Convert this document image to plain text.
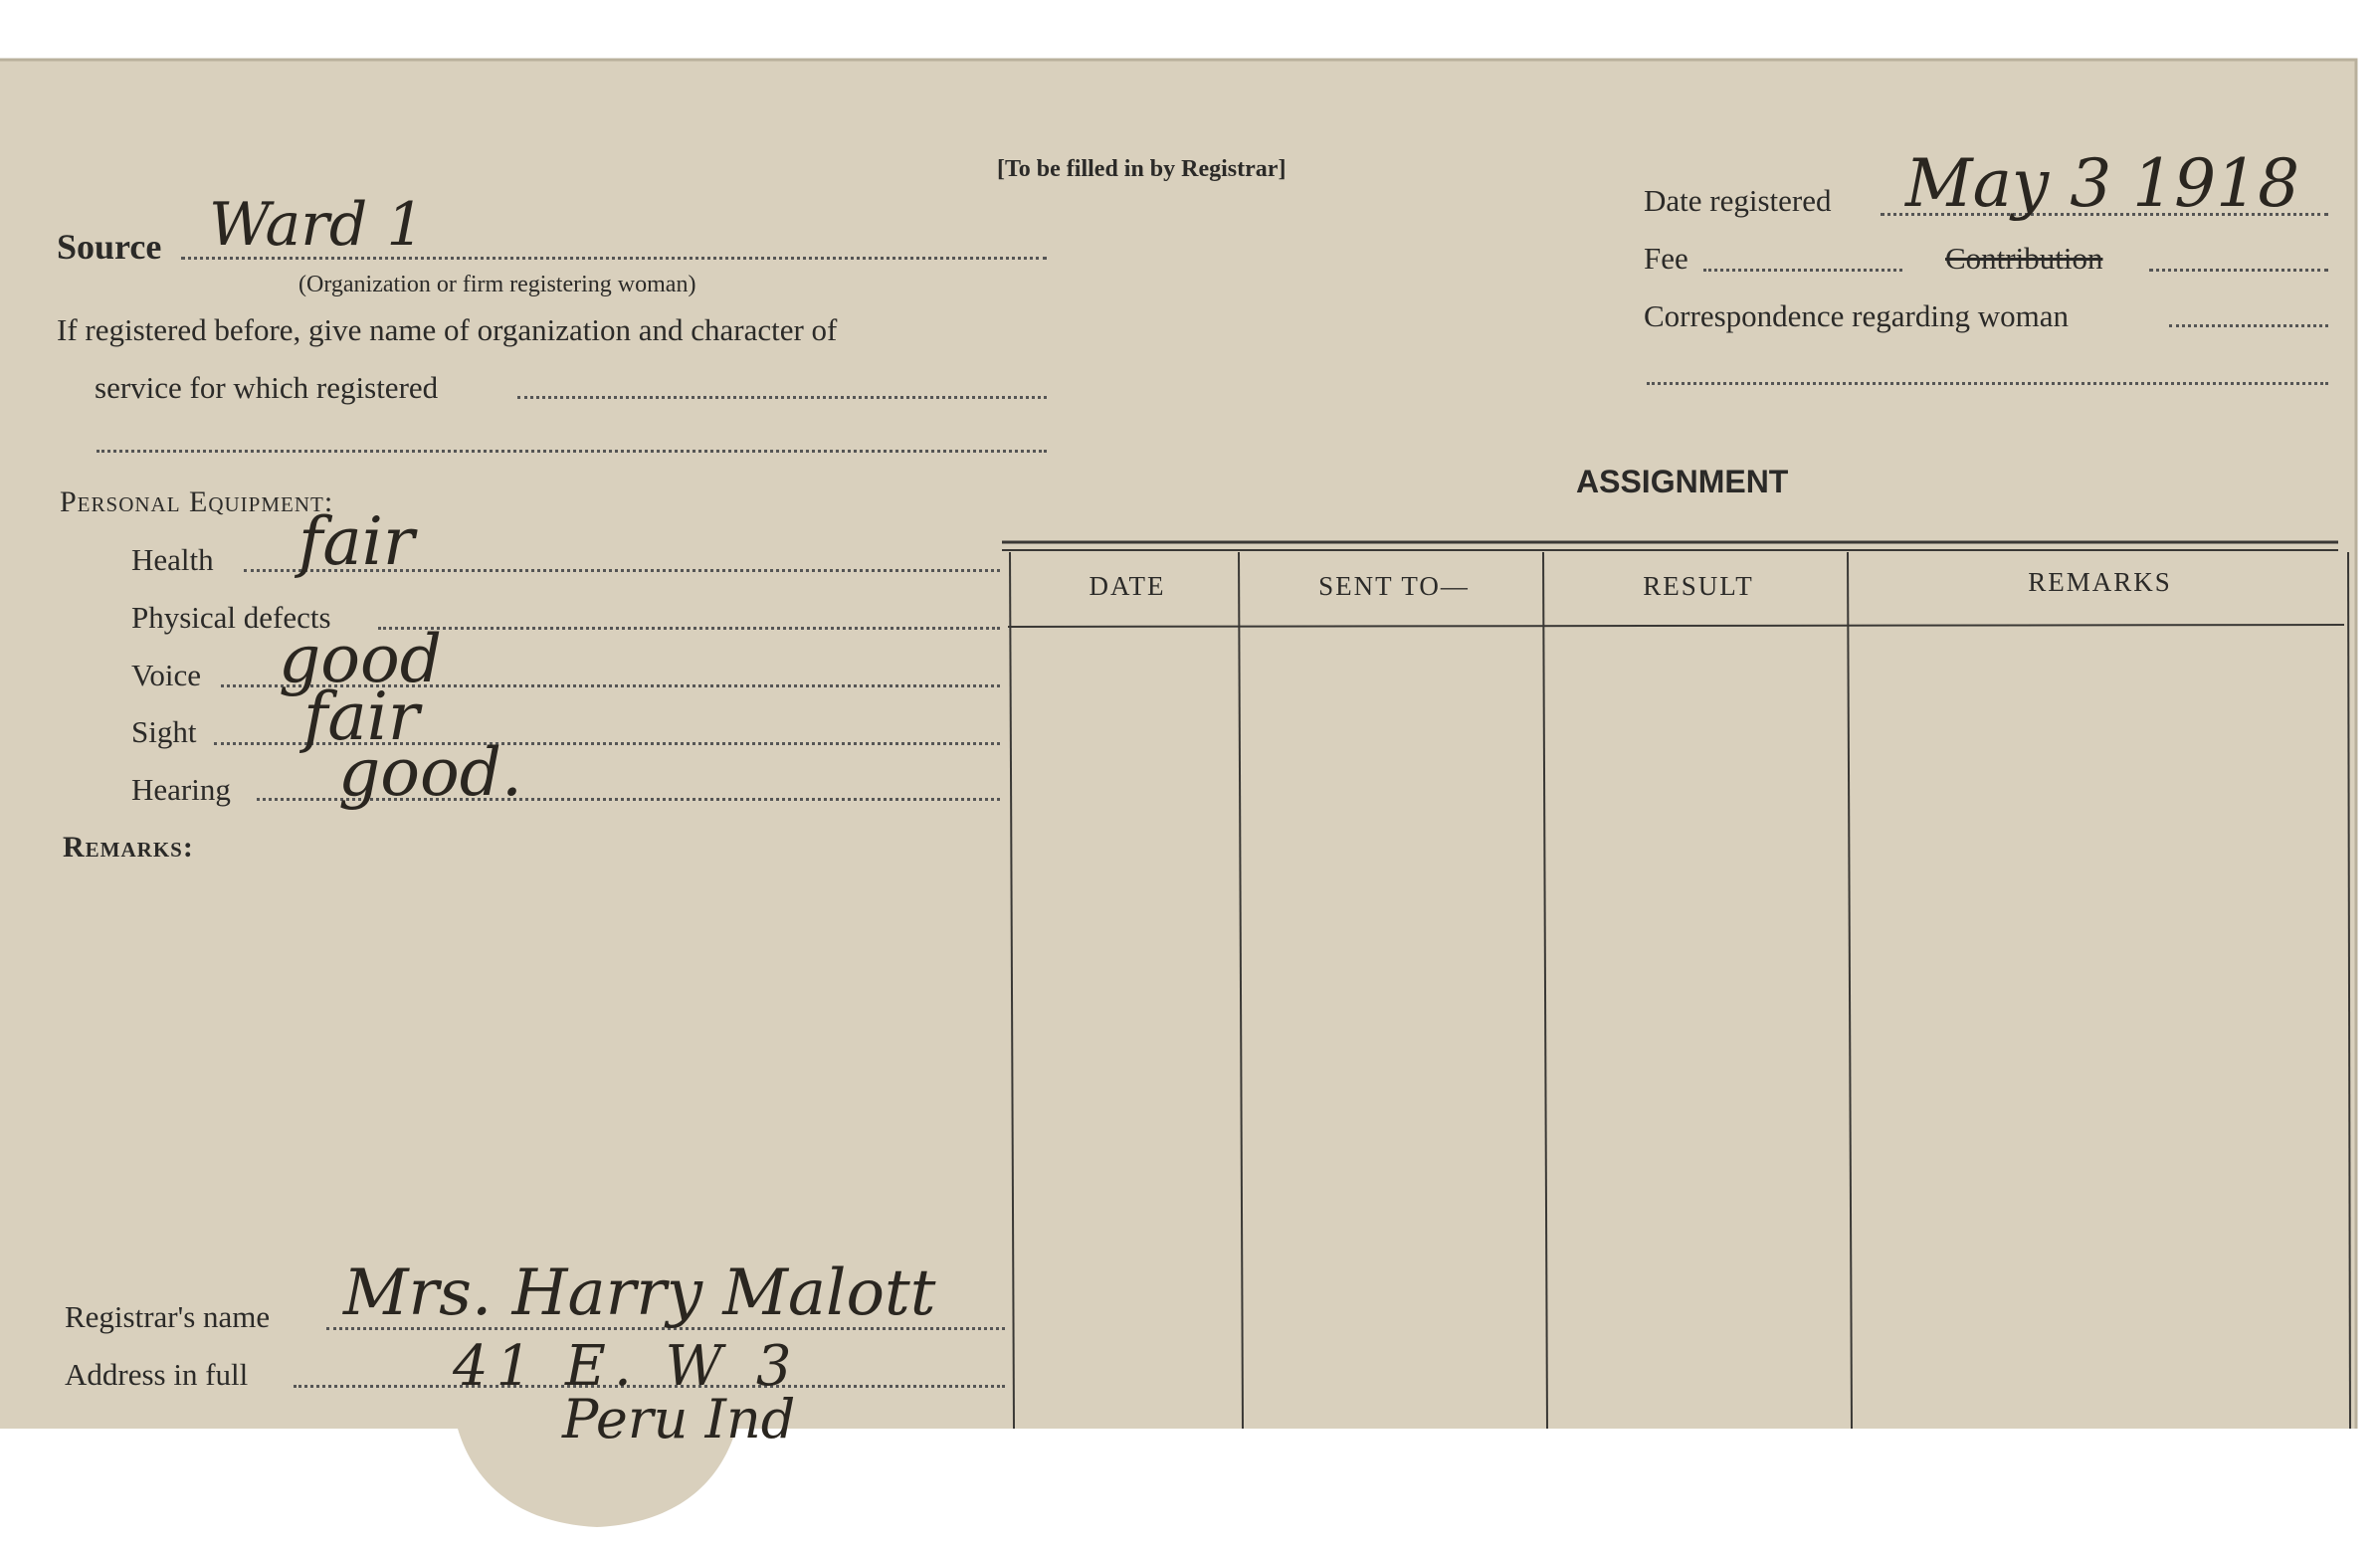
[To be filled in by Registrar]
Source Ward 1
(Organization or firm registering woman)
If registered before, give name of organization and character of
service for which registered
Date registered May 3 1918
Fee	Contribution
Correspondence regarding woman
ASSIGNMENT
DATE	SENT TO—	RESULT	REMARKS
Personal Equipment:
Health fair
Physical defects
Voice good
Sight fair
Hearing good.
Remarks:
Registrar's name Mrs. Harry Malott
Address in full	41 E. W 3
Peru Ind
